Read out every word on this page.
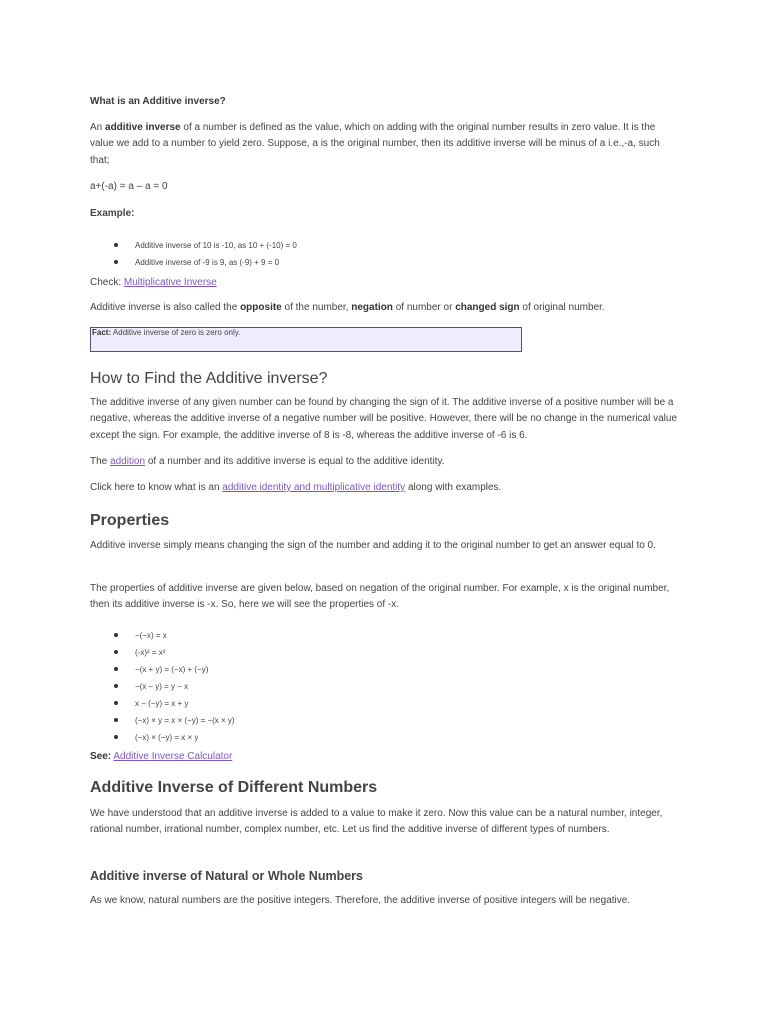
What is an Additive inverse?

An additive inverse of a number is defined as the value, which on adding with the original number results in zero value. It is the value we add to a number to yield zero. Suppose, a is the original number, then its additive inverse will be minus of a i.e.,-a, such that;

a+(-a) = a – a = 0

Example:

Additive inverse of 10 is -10, as 10 + (-10) = 0
Additive inverse of -9 is 9, as (-9) + 9 = 0

Check: Multiplicative Inverse

Additive inverse is also called the opposite of the number, negation of number or changed sign of original number.

Fact: Additive inverse of zero is zero only.
How to Find the Additive inverse?

The additive inverse of any given number can be found by changing the sign of it. The additive inverse of a positive number will be a negative, whereas the additive inverse of a negative number will be positive. However, there will be no change in the numerical value except the sign. For example, the additive inverse of 8 is -8, whereas the additive inverse of -6 is 6.

The addition of a number and its additive inverse is equal to the additive identity.

Click here to know what is an additive identity and multiplicative identity along with examples.

Properties

Additive inverse simply means changing the sign of the number and adding it to the original number to get an answer equal to 0.

The properties of additive inverse are given below, based on negation of the original number. For example, x is the original number, then its additive inverse is -x. So, here we will see the properties of -x.

−(−x) = x
(-x)² = x²
−(x + y) = (−x) + (−y)
−(x – y) = y − x
x − (−y) = x + y
(−x) × y = x × (−y) = −(x × y)
(−x) × (−y) = x × y

See: Additive Inverse Calculator

Additive Inverse of Different Numbers

We have understood that an additive inverse is added to a value to make it zero. Now this value can be a natural number, integer, rational number, irrational number, complex number, etc. Let us find the additive inverse of different types of numbers.

Additive inverse of Natural or Whole Numbers

As we know, natural numbers are the positive integers. Therefore, the additive inverse of positive integers will be negative.
